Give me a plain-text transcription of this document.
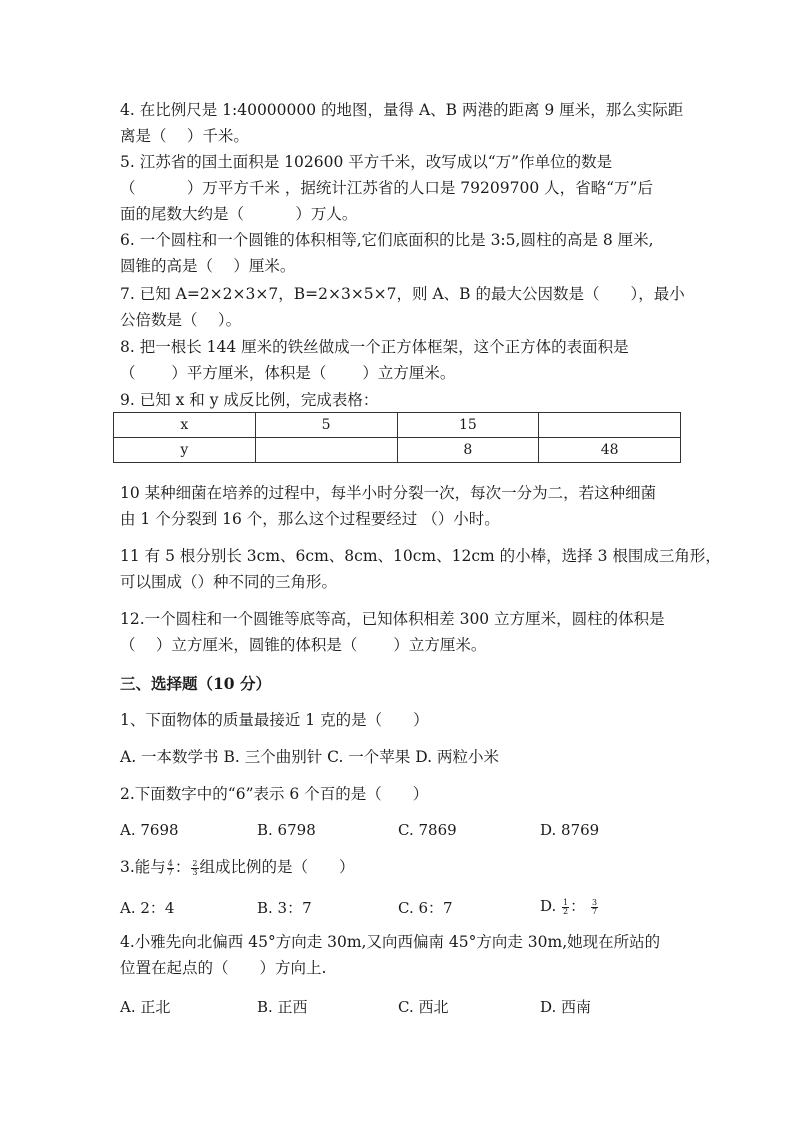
4. 在比例尺是 1:40000000 的地图，量得 A、B 两港的距离 9 厘米，那么实际距
离是（　 ）千米。
5. 江苏省的国土面积是 102600 平方千米，改写成以“万”作单位的数是
（　　　 ）万平方千米 ，据统计江苏省的人口是 79209700 人，省略“万”后
面的尾数大约是（　　　 ）万人。
6. 一个圆柱和一个圆锥的体积相等,它们底面积的比是 3:5,圆柱的高是 8 厘米,
圆锥的高是（　 ）厘米。
7. 已知 A=2×2×3×7，B=2×3×5×7，则 A、B 的最大公因数是（　　），最小
公倍数是（　 ）。
8. 把一根长 144 厘米的铁丝做成一个正方体框架，这个正方体的表面积是
（　　 ）平方厘米，体积是（　　 ）立方厘米。
9. 已知 x 和 y 成反比例，完成表格：
x	5	15	
y		8	48
10 某种细菌在培养的过程中，每半小时分裂一次，每次一分为二，若这种细菌
由 1 个分裂到 16 个，那么这个过程要经过 （）小时。
11 有 5 根分别长 3cm、6cm、8cm、10cm、12cm 的小棒，选择 3 根围成三角形，
可以围成（）种不同的三角形。
12.一个圆柱和一个圆锥等底等高，已知体积相差 300 立方厘米，圆柱的体积是
（　 ）立方厘米，圆锥的体积是（　　 ）立方厘米。
三、选择题（10 分）
1、下面物体的质量最接近 1 克的是（　　）
A. 一本数学书 B. 三个曲别针 C. 一个苹果 D. 两粒小米
2.下面数字中的“6”表示 6 个百的是（　　）
A. 7698	B. 6798	C. 7869	D. 8769
3.能与 $\frac{4}{7}$ ： $\frac{2}{3}$ 组成比例的是（　　）
A. 2：4	B. 3：7	C. 6：7	D. $\frac{1}{2}$ ： $\frac{3}{7}$
4.小雅先向北偏西 45°方向走 30m,又向西偏南 45°方向走 30m,她现在所站的
位置在起点的（　　）方向上.
A. 正北	B. 正西	C. 西北	D. 西南
